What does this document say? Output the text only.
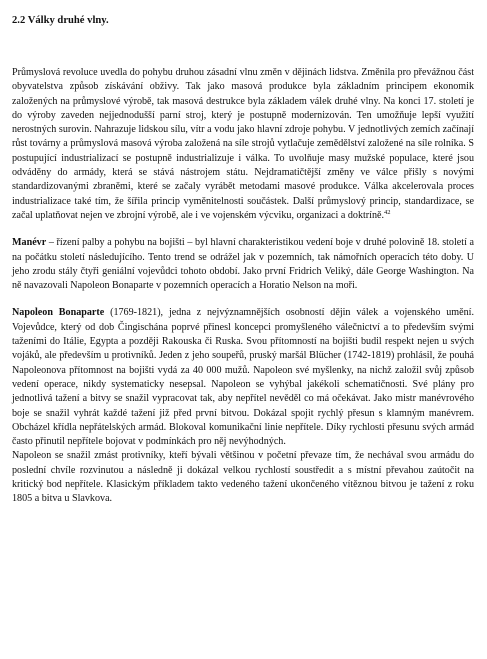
2.2 Války druhé vlny.

Průmyslová revoluce uvedla do pohybu druhou zásadní vlnu změn v dějinách lidstva. Změnila pro převážnou část obyvatelstva způsob získávání obživy. Tak jako masová produkce byla základním principem ekonomik založených na průmyslové výrobě, tak masová destrukce byla základem válek druhé vlny. Na konci 17. století je do výroby zaveden nejjednodušší parní stroj, který je postupně modernizován. Ten umožňuje lepší využití nerostných surovin. Nahrazuje lidskou sílu, vítr a vodu jako hlavní zdroje pohybu. V jednotlivých zemích začínají růst továrny a průmyslová masová výroba založená na síle strojů vytlačuje zemědělství založené na síle rolníka. S postupující industrializací se postupně industrializuje i válka. To uvolňuje masy mužské populace, které jsou odváděny do armády, která se stává nástrojem státu. Nejdramatičtější změny ve válce přišly s novými standardizovanými zbraněmi, které se začaly vyrábět metodami masové produkce. Válka akcelerovala proces industrializace také tím, že šířila princip vyměnitelnosti součástek. Další průmyslový princip, standardizace, se začal uplatňovat nejen ve zbrojní výrobě, ale i ve vojenském výcviku, organizaci a doktríně.$^{42}$

Manévr – řízení palby a pohybu na bojišti – byl hlavní charakteristikou vedení boje v druhé polovině 18. století a na počátku století následujícího. Tento trend se odrážel jak v pozemních, tak námořních operacích této doby. U jeho zrodu stály čtyři geniální vojevůdci tohoto období. Jako první Fridrich Veliký, dále George Washington. Na ně navazovali Napoleon Bonaparte v pozemních operacích a Horatio Nelson na moři.

Napoleon Bonaparte (1769-1821), jedna z nejvýznamnějších osobností dějin válek a vojenského umění. Vojevůdce, který od dob Čingischána poprvé přinesl koncepci promyšleného válečnictví a to především svými taženími do Itálie, Egypta a později Rakouska či Ruska. Svou přítomností na bojišti budil respekt nejen u svých vojáků, ale především u protivníků. Jeden z jeho soupeřů, pruský maršál Blücher (1742-1819) prohlásil, že pouhá Napoleonova přítomnost na bojišti vydá za 40 000 mužů. Napoleon své myšlenky, na nichž založil svůj způsob vedení operace, nikdy systematicky nesepsal. Napoleon se vyhýbal jakékoli schematičnosti. Své plány pro jednotlivá tažení a bitvy se snažil vypracovat tak, aby nepřítel nevěděl co má očekávat. Jako mistr manévrového boje se snažil vyhrát každé tažení již před první bitvou. Dokázal spojit rychlý přesun s klamným manévrem. Obcházel křídla nepřátelských armád. Blokoval komunikační linie nepřítele. Díky rychlosti přesunu svých armád často přinutil nepřítele bojovat v podmínkách pro něj nevýhodných.

Napoleon se snažil zmást protivníky, kteří bývali většinou v početní převaze tím, že nechával svou armádu do poslední chvíle rozvinutou a následně ji dokázal velkou rychlostí soustředit a s místní převahou zaútočit na kritický bod nepřítele. Klasickým příkladem takto vedeného tažení ukončeného vítěznou bitvou je tažení z roku 1805 a bitva u Slavkova.
